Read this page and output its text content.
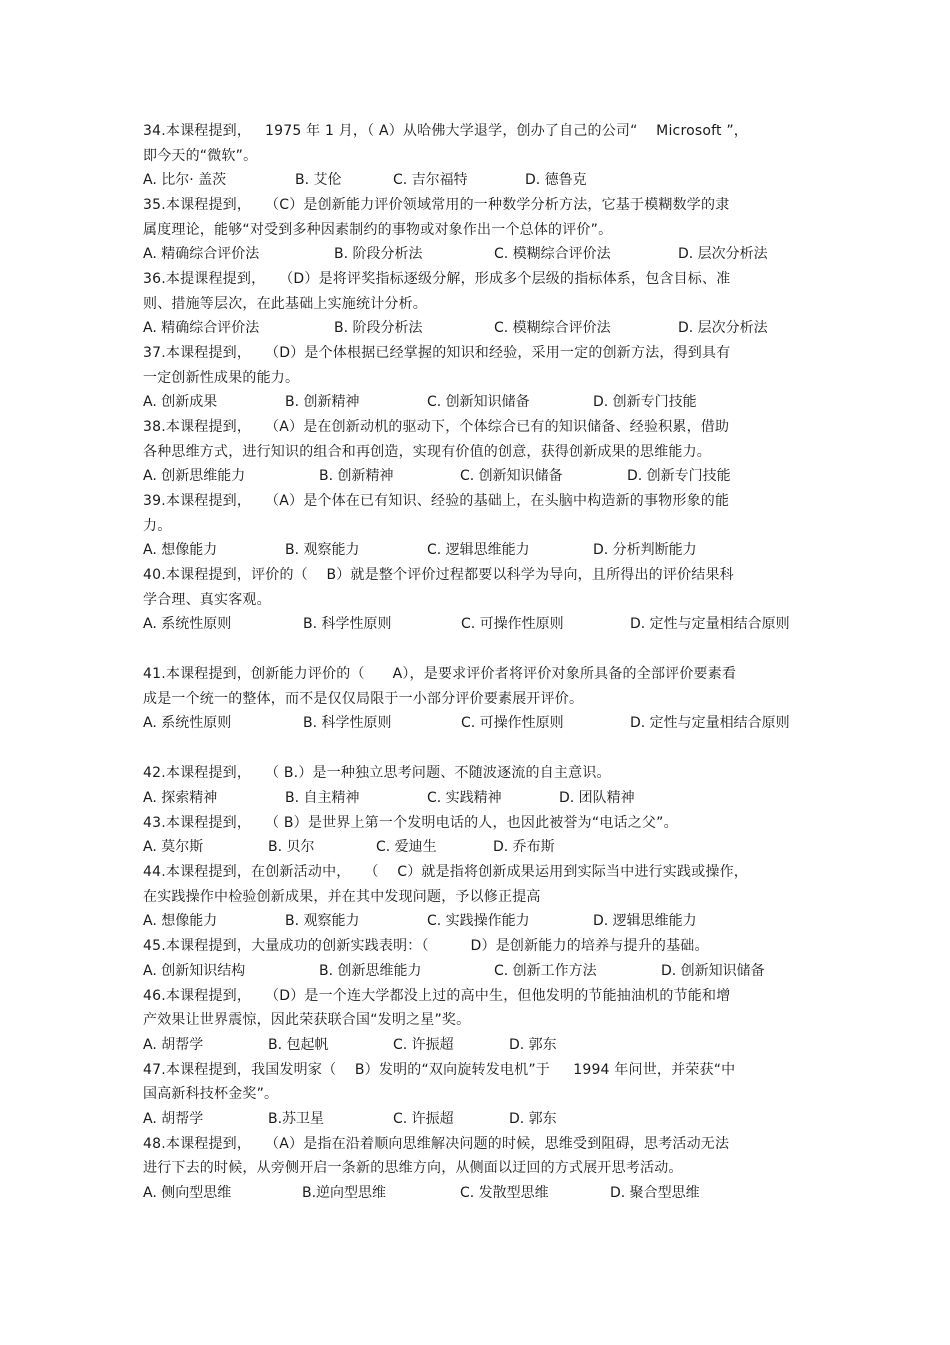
34.本课程提到，   1975 年 1 月，（ A）从哈佛大学退学，创办了自己的公司“    Microsoft ”，
即今天的“微软”。
A. 比尔· 盖茨	B. 艾伦	C. 吉尔福特	D. 德鲁克
35.本课程提到，   （C）是创新能力评价领域常用的一种数学分析方法，它基于模糊数学的隶
属度理论，能够“对受到多种因素制约的事物或对象作出一个总体的评价”。
A. 精确综合评价法	B. 阶段分析法	C. 模糊综合评价法	D. 层次分析法
36.本提课程提到，   （D）是将评奖指标逐级分解，形成多个层级的指标体系，包含目标、准
则、措施等层次，在此基础上实施统计分析。
A. 精确综合评价法	B. 阶段分析法	C. 模糊综合评价法	D. 层次分析法
37.本课程提到，   （D）是个体根据已经掌握的知识和经验，采用一定的创新方法，得到具有
一定创新性成果的能力。
A. 创新成果	B. 创新精神	C. 创新知识储备	D. 创新专门技能
38.本课程提到，   （A）是在创新动机的驱动下，个体综合已有的知识储备、经验积累，借助
各种思维方式，进行知识的组合和再创造，实现有价值的创意，获得创新成果的思维能力。
A. 创新思维能力	B. 创新精神	C. 创新知识储备	D. 创新专门技能
39.本课程提到，   （A）是个体在已有知识、经验的基础上，在头脑中构造新的事物形象的能
力。
A. 想像能力	B. 观察能力	C. 逻辑思维能力	D. 分析判断能力
40.本课程提到，评价的（    B）就是整个评价过程都要以科学为导向，且所得出的评价结果科
学合理、真实客观。
A. 系统性原则	B. 科学性原则	C. 可操作性原则	D. 定性与定量相结合原则
41.本课程提到，创新能力评价的（      A），是要求评价者将评价对象所具备的全部评价要素看
成是一个统一的整体，而不是仅仅局限于一小部分评价要素展开评价。
A. 系统性原则	B. 科学性原则	C. 可操作性原则	D. 定性与定量相结合原则
42.本课程提到，   （ B.）是一种独立思考问题、不随波逐流的自主意识。
A. 探索精神	B. 自主精神	C. 实践精神	D. 团队精神
43.本课程提到，   （ B）是世界上第一个发明电话的人，也因此被誉为“电话之父”。
A. 莫尔斯	B. 贝尔	C. 爱迪生	D. 乔布斯
44.本课程提到，在创新活动中，   （    C）就是指将创新成果运用到实际当中进行实践或操作，
在实践操作中检验创新成果，并在其中发现问题，予以修正提高
A. 想像能力	B. 观察能力	C. 实践操作能力	D. 逻辑思维能力
45.本课程提到，大量成功的创新实践表明：（         D）是创新能力的培养与提升的基础。
A. 创新知识结构	B. 创新思维能力	C. 创新工作方法	D. 创新知识储备
46.本课程提到，   （D）是一个连大学都没上过的高中生，但他发明的节能抽油机的节能和增
产效果让世界震惊，因此荣获联合国“发明之星”奖。
A. 胡帮学	B. 包起帆	C. 许振超	D. 郭东
47.本课程提到，我国发明家（    B）发明的“双向旋转发电机”于     1994 年问世，并荣获“中
国高新科技杯金奖”。
A. 胡帮学	B.苏卫星	C. 许振超	D. 郭东
48.本课程提到，   （A）是指在沿着顺向思维解决问题的时候，思维受到阻碍，思考活动无法
进行下去的时候，从旁侧开启一条新的思维方向，从侧面以迂回的方式展开思考活动。
A. 侧向型思维	B.逆向型思维	C. 发散型思维	D. 聚合型思维
